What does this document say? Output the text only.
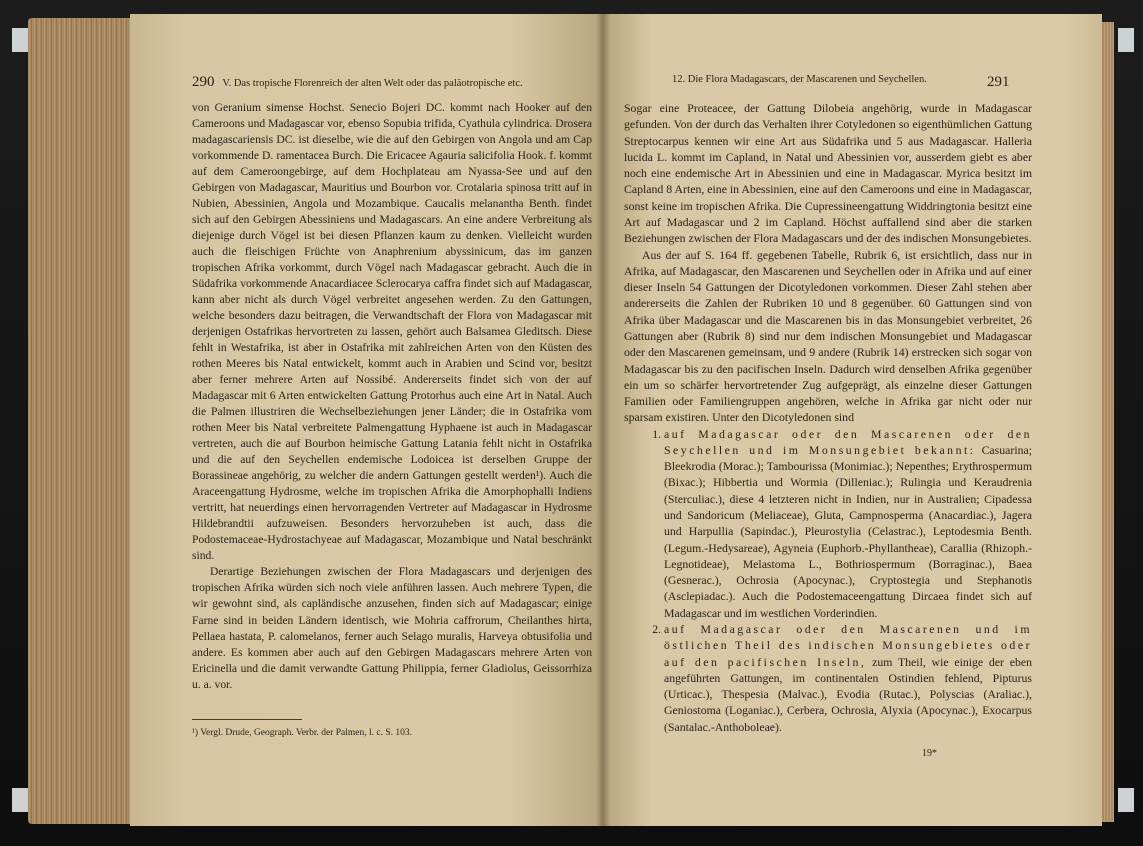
290 V. Das tropische Florenreich der alten Welt oder das paläotropische etc.

von Geranium simense Hochst. Senecio Bojeri DC. kommt nach Hooker auf den Cameroons und Madagascar vor, ebenso Sopubia trifida, Cyathula cylindrica. Drosera madagascariensis DC. ist dieselbe, wie die auf den Gebirgen von Angola und am Cap vorkommende D. ramentacea Burch. Die Ericacee Agauria salicifolia Hook. f. kommt auf dem Cameroongebirge, auf dem Hochplateau am Nyassa-See und auf den Gebirgen von Madagascar, Mauritius und Bourbon vor. Crotalaria spinosa tritt auf in Nubien, Abessinien, Angola und Mozambique. Caucalis melanantha Benth. findet sich auf den Gebirgen Abessiniens und Madagascars. An eine andere Verbreitung als diejenige durch Vögel ist bei diesen Pflanzen kaum zu denken. Vielleicht wurden auch die fleischigen Früchte von Anaphrenium abyssinicum, das im ganzen tropischen Afrika vorkommt, durch Vögel nach Madagascar gebracht. Auch die in Südafrika vorkommende Anacardiacee Sclerocarya caffra findet sich auf Madagascar, kann aber nicht als durch Vögel verbreitet angesehen werden. Zu den Gattungen, welche besonders dazu beitragen, die Verwandtschaft der Flora von Madagascar mit derjenigen Ostafrikas hervortreten zu lassen, gehört auch Balsamea Gleditsch. Diese fehlt in Westafrika, ist aber in Ostafrika mit zahlreichen Arten von den Küsten des rothen Meeres bis Natal entwickelt, kommt auch in Arabien und Scind vor, besitzt aber ferner mehrere Arten auf Nossibé. Andererseits findet sich von der auf Madagascar mit 6 Arten entwickelten Gattung Protorhus auch eine Art in Natal. Auch die Palmen illustriren die Wechselbeziehungen jener Länder; die in Ostafrika vom rothen Meer bis Natal verbreitete Palmengattung Hyphaene ist auch in Madagascar vertreten, auch die auf Bourbon heimische Gattung Latania fehlt nicht in Ostafrika und die auf den Seychellen endemische Lodoicea ist derselben Gruppe der Borassineae angehörig, zu welcher die andern Gattungen gestellt werden¹). Auch die Araceengattung Hydrosme, welche im tropischen Afrika die Amorphophalli Indiens vertritt, hat neuerdings einen hervorragenden Vertreter auf Madagascar in Hydrosme Hildebrandtii aufzuweisen. Besonders hervorzuheben ist auch, dass die Podostemaceae-Hydrostachyeae auf Madagascar, Mozambique und Natal beschränkt sind.

Derartige Beziehungen zwischen der Flora Madagascars und derjenigen des tropischen Afrika würden sich noch viele anführen lassen. Auch mehrere Typen, die wir gewohnt sind, als capländische anzusehen, finden sich auf Madagascar; einige Farne sind in beiden Ländern identisch, wie Mohria caffrorum, Cheilanthes hirta, Pellaea hastata, P. calomelanos, ferner auch Selago muralis, Harveya obtusifolia und andere. Es kommen aber auch auf den Gebirgen Madagascars mehrere Arten von Ericinella und die damit verwandte Gattung Philippia, ferner Gladiolus, Geissorrhiza u. a. vor.

¹) Vergl. Drude, Geograph. Verbr. der Palmen, l. c. S. 103.
12. Die Flora Madagascars, der Mascarenen und Seychellen.	291

Sogar eine Proteacee, der Gattung Dilobeia angehörig, wurde in Madagascar gefunden. Von der durch das Verhalten ihrer Cotyledonen so eigenthümlichen Gattung Streptocarpus kennen wir eine Art aus Südafrika und 5 aus Madagascar. Halleria lucida L. kommt im Capland, in Natal und Abessinien vor, ausserdem giebt es aber noch eine endemische Art in Abessinien und eine in Madagascar. Myrica besitzt im Capland 8 Arten, eine in Abessinien, eine auf den Cameroons und eine in Madagascar, sonst keine im tropischen Afrika. Die Cupressineengattung Widdringtonia besitzt eine Art auf Madagascar und 2 im Capland. Höchst auffallend sind aber die starken Beziehungen zwischen der Flora Madagascars und der des indischen Monsungebietes.

Aus der auf S. 164 ff. gegebenen Tabelle, Rubrik 6, ist ersichtlich, dass nur in Afrika, auf Madagascar, den Mascarenen und Seychellen oder in Afrika und auf einer dieser Inseln 54 Gattungen der Dicotyledonen vorkommen. Dieser Zahl stehen aber andererseits die Zahlen der Rubriken 10 und 8 gegenüber. 60 Gattungen sind von Afrika über Madagascar und die Mascarenen bis in das Monsungebiet verbreitet, 26 Gattungen aber (Rubrik 8) sind nur dem indischen Monsungebiet und Madagascar oder den Mascarenen gemeinsam, und 9 andere (Rubrik 14) erstrecken sich sogar von Madagascar bis zu den pacifischen Inseln. Dadurch wird denselben Afrika gegenüber ein um so schärfer hervortretender Zug aufgeprägt, als einzelne dieser Gattungen Familien oder Familiengruppen angehören, welche in Afrika gar nicht oder nur sparsam existiren. Unter den Dicotyledonen sind

1. auf Madagascar oder den Mascarenen oder den Seychellen und im Monsungebiet bekannt: Casuarina; Bleekrodia (Morac.); Tambourissa (Monimiac.); Nepenthes; Erythrospermum (Bixac.); Hibbertia und Wormia (Dilleniac.); Rulingia und Keraudrenia (Sterculiac.), diese 4 letzteren nicht in Indien, nur in Australien; Cipadessa und Sandoricum (Meliaceae), Gluta, Campnosperma (Anacardiac.), Jagera und Harpullia (Sapindac.), Pleurostylia (Celastrac.), Leptodesmia Benth. (Legum.-Hedysareae), Agyneia (Euphorb.-Phyllantheae), Carallia (Rhizoph.-Legnotideae), Melastoma L., Bothriospermum (Borraginac.), Baea (Gesnerac.), Ochrosia (Apocynac.), Cryptostegia und Stephanotis (Asclepiadac.). Auch die Podostemaceengattung Dircaea findet sich auf Madagascar und im westlichen Vorderindien.
2. auf Madagascar oder den Mascarenen und im östlichen Theil des indischen Monsungebietes oder auf den pacifischen Inseln, zum Theil, wie einige der eben angeführten Gattungen, im continentalen Ostindien fehlend, Pipturus (Urticac.), Thespesia (Malvac.), Evodia (Rutac.), Polyscias (Araliac.), Geniostoma (Loganiac.), Cerbera, Ochrosia, Alyxia (Apocynac.), Exocarpus (Santalac.-Anthoboleae).
19*
